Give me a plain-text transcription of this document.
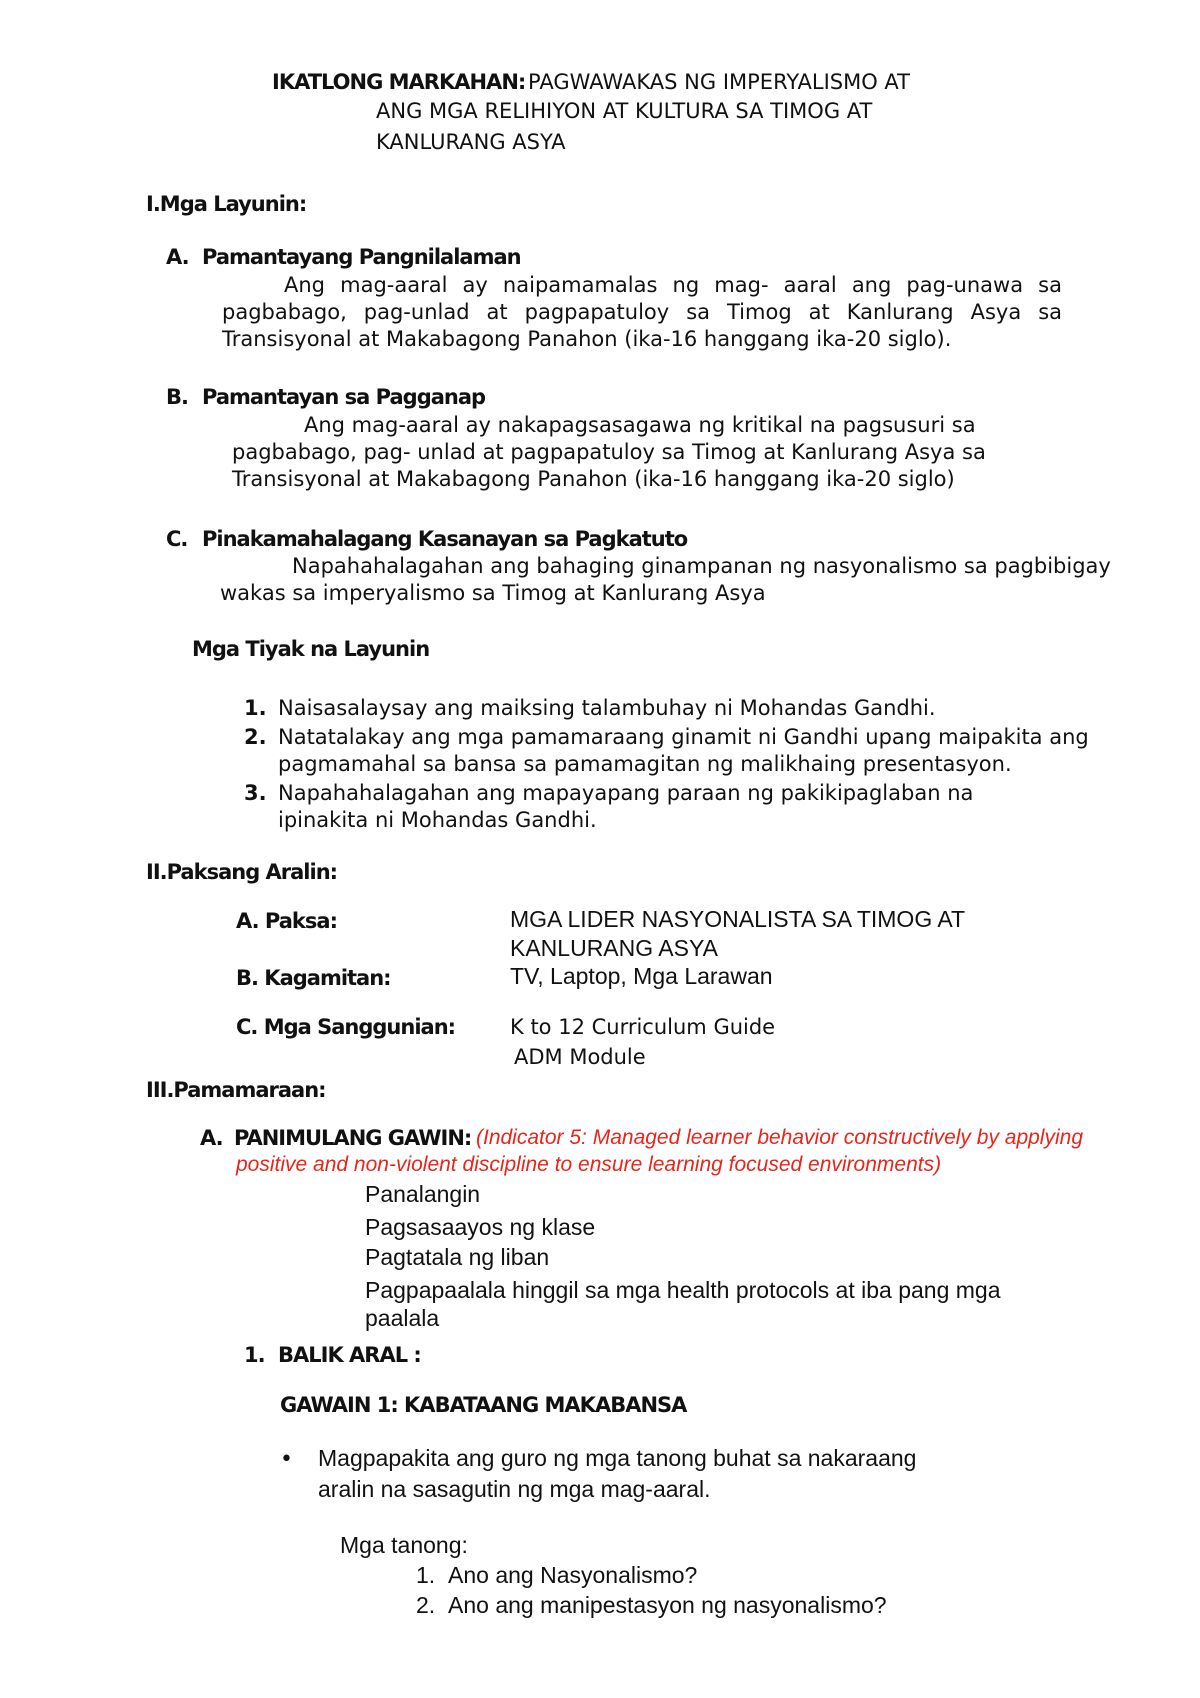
IKATLONG MARKAHAN: PAGWAWAKAS NG IMPERYALISMO AT
ANG MGA RELIHIYON AT KULTURA SA TIMOG AT
KANLURANG ASYA
I.Mga Layunin:
A. Pamantayang Pangnilalaman
Ang mag-aaral ay naipamamalas ng mag- aaral ang pag-unawa sa
pagbabago, pag-unlad at pagpapatuloy sa Timog at Kanlurang Asya sa
Transisyonal at Makabagong Panahon (ika-16 hanggang ika-20 siglo).
B. Pamantayan sa Pagganap
Ang mag-aaral ay nakapagsasagawa ng kritikal na pagsusuri sa
pagbabago, pag- unlad at pagpapatuloy sa Timog at Kanlurang Asya sa
Transisyonal at Makabagong Panahon (ika-16 hanggang ika-20 siglo)
C. Pinakamahalagang Kasanayan sa Pagkatuto
Napahahalagahan ang bahaging ginampanan ng nasyonalismo sa pagbibigay
wakas sa imperyalismo sa Timog at Kanlurang Asya
Mga Tiyak na Layunin
1. Naisasalaysay ang maiksing talambuhay ni Mohandas Gandhi.
2. Natatalakay ang mga pamamaraang ginamit ni Gandhi upang maipakita ang
pagmamahal sa bansa sa pamamagitan ng malikhaing presentasyon.
3. Napahahalagahan ang mapayapang paraan ng pakikipaglaban na
ipinakita ni Mohandas Gandhi.
II.Paksang Aralin:
A. Paksa:	MGA LIDER NASYONALISTA SA TIMOG AT
KANLURANG ASYA
B. Kagamitan:	TV, Laptop, Mga Larawan
C. Mga Sanggunian:	K to 12 Curriculum Guide
ADM Module
III.Pamamaraan:
A. PANIMULANG GAWIN: (Indicator 5: Managed learner behavior constructively by applying
positive and non-violent discipline to ensure learning focused environments)
Panalangin
Pagsasaayos ng klase
Pagtatala ng liban
Pagpapaalala hinggil sa mga health protocols at iba pang mga
paalala
1. BALIK ARAL :
GAWAIN 1: KABATAANG MAKABANSA
• Magpapakita ang guro ng mga tanong buhat sa nakaraang
aralin na sasagutin ng mga mag-aaral.
Mga tanong:
1. Ano ang Nasyonalismo?
2. Ano ang manipestasyon ng nasyonalismo?
